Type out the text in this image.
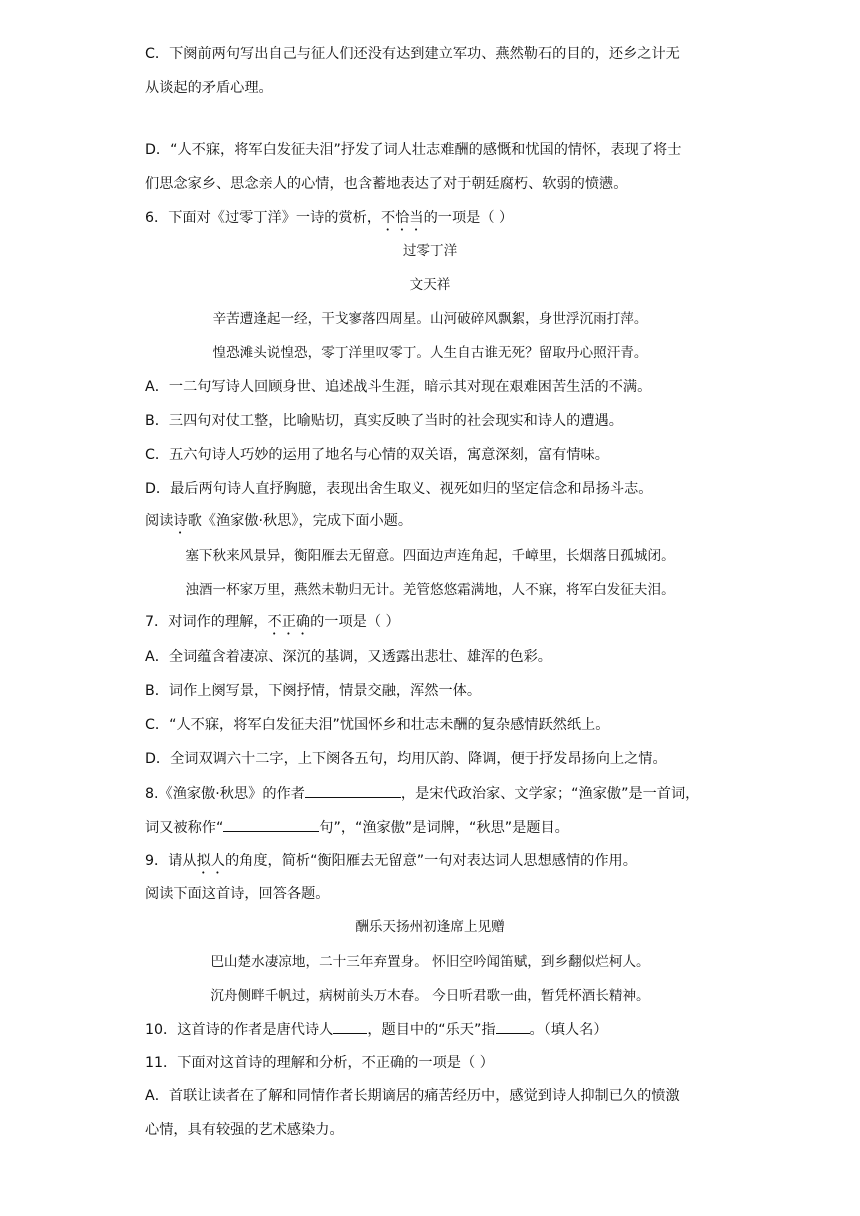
C．下阕前两句写出自己与征人们还没有达到建立军功、燕然勒石的目的，还乡之计无
从谈起的矛盾心理。
D．“人不寐，将军白发征夫泪”抒发了词人壮志难酬的感慨和忧国的情怀，表现了将士
们思念家乡、思念亲人的心情，也含蓄地表达了对于朝廷腐朽、软弱的愤懑。
6．下面对《过零丁洋》一诗的赏析，不恰当的一项是（ ）
过零丁洋
文天祥
辛苦遭逢起一经，干戈寥落四周星。山河破碎风飘絮，身世浮沉雨打萍。
惶恐滩头说惶恐，零丁洋里叹零丁。人生自古谁无死？留取丹心照汗青。
A．一二句写诗人回顾身世、追述战斗生涯，暗示其对现在艰难困苦生活的不满。
B．三四句对仗工整，比喻贴切，真实反映了当时的社会现实和诗人的遭遇。
C．五六句诗人巧妙的运用了地名与心情的双关语，寓意深刻，富有情味。
D．最后两句诗人直抒胸臆，表现出舍生取义、视死如归的坚定信念和昂扬斗志。
阅读诗歌《渔家傲·秋思》，完成下面小题。
塞下秋来风景异，衡阳雁去无留意。四面边声连角起，千嶂里，长烟落日孤城闭。
浊酒一杯家万里，燕然未勒归无计。羌管悠悠霜满地，人不寐，将军白发征夫泪。
7．对词作的理解，不正确的一项是（ ）
A．全词蕴含着凄凉、深沉的基调，又透露出悲壮、雄浑的色彩。
B．词作上阕写景，下阕抒情，情景交融，浑然一体。
C．“人不寐，将军白发征夫泪”忧国怀乡和壮志未酬的复杂感情跃然纸上。
D．全词双调六十二字，上下阕各五句，均用仄韵、降调，便于抒发昂扬向上之情。
8.《渔家傲·秋思》的作者	，是宋代政治家、文学家；“渔家傲”是一首词，
词又被称作“	句”，“渔家傲”是词牌，“秋思”是题目。
9．请从拟人的角度，简析“衡阳雁去无留意”一句对表达词人思想感情的作用。
阅读下面这首诗，回答各题。
酬乐天扬州初逢席上见赠
巴山楚水凄凉地，二十三年弃置身。 怀旧空吟闻笛赋，到乡翻似烂柯人。
沉舟侧畔千帆过，病树前头万木春。 今日听君歌一曲，暂凭杯酒长精神。
10．这首诗的作者是唐代诗人 ，题目中的“乐天”指 。（填人名）
11．下面对这首诗的理解和分析，不正确的一项是（ ）
A．首联让读者在了解和同情作者长期谪居的痛苦经历中，感觉到诗人抑制已久的愤激
心情，具有较强的艺术感染力。
